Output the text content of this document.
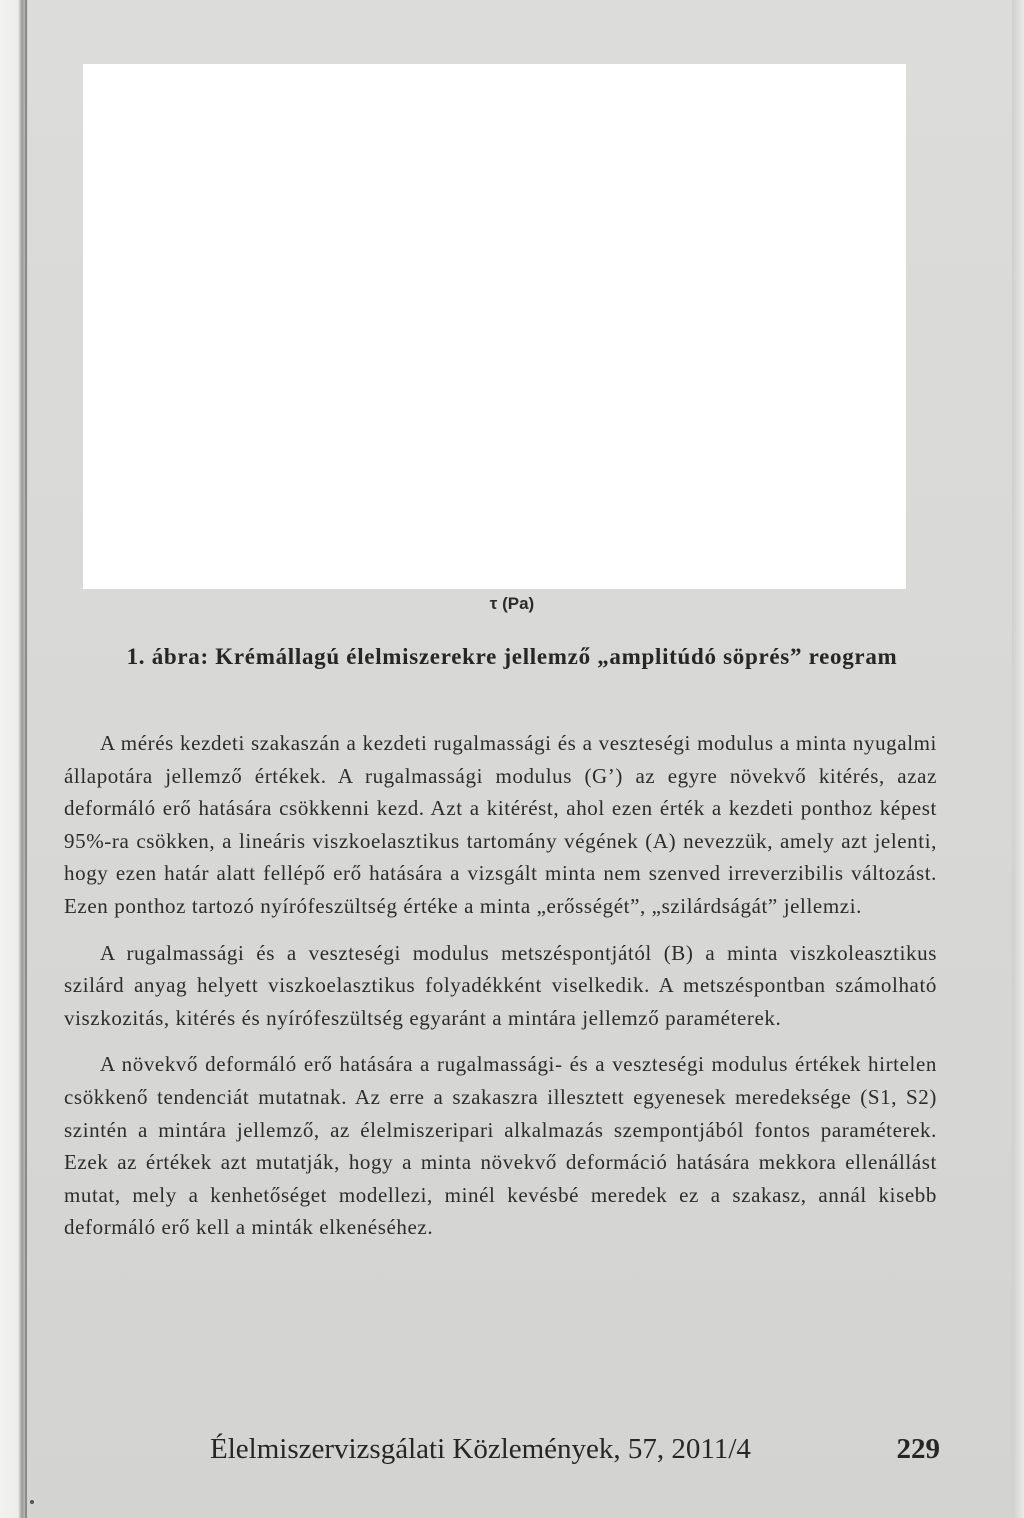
τ (Pa)
1. ábra: Krémállagú élelmiszerekre jellemző „amplitúdó söprés” reogram

A mérés kezdeti szakaszán a kezdeti rugalmassági és a veszteségi modulus a minta nyugalmi állapotára jellemző értékek. A rugalmassági modulus (G’) az egyre növekvő kitérés, azaz deformáló erő hatására csökkenni kezd. Azt a kitérést, ahol ezen érték a kezdeti ponthoz képest 95%-ra csökken, a lineáris viszkoelasztikus tartomány végének (A) nevezzük, amely azt jelenti, hogy ezen határ alatt fellépő erő hatására a vizsgált minta nem szenved irreverzibilis változást. Ezen ponthoz tartozó nyírófeszültség értéke a minta „erősségét”, „szilárdságát” jellemzi.

A rugalmassági és a veszteségi modulus metszéspontjától (B) a minta viszkoleasztikus szilárd anyag helyett viszkoelasztikus folyadékként viselkedik. A metszéspontban számolható viszkozitás, kitérés és nyírófeszültség egyaránt a mintára jellemző paraméterek.

A növekvő deformáló erő hatására a rugalmassági- és a veszteségi modulus értékek hirtelen csökkenő tendenciát mutatnak. Az erre a szakaszra illesztett egyenesek meredeksége (S1, S2) szintén a mintára jellemző, az élelmiszeripari alkalmazás szempontjából fontos paraméterek. Ezek az értékek azt mutatják, hogy a minta növekvő deformáció hatására mekkora ellenállást mutat, mely a kenhetőséget modellezi, minél kevésbé meredek ez a szakasz, annál kisebb deformáló erő kell a minták elkenéséhez.

Élelmiszervizsgálati Közlemények, 57, 2011/4	229
